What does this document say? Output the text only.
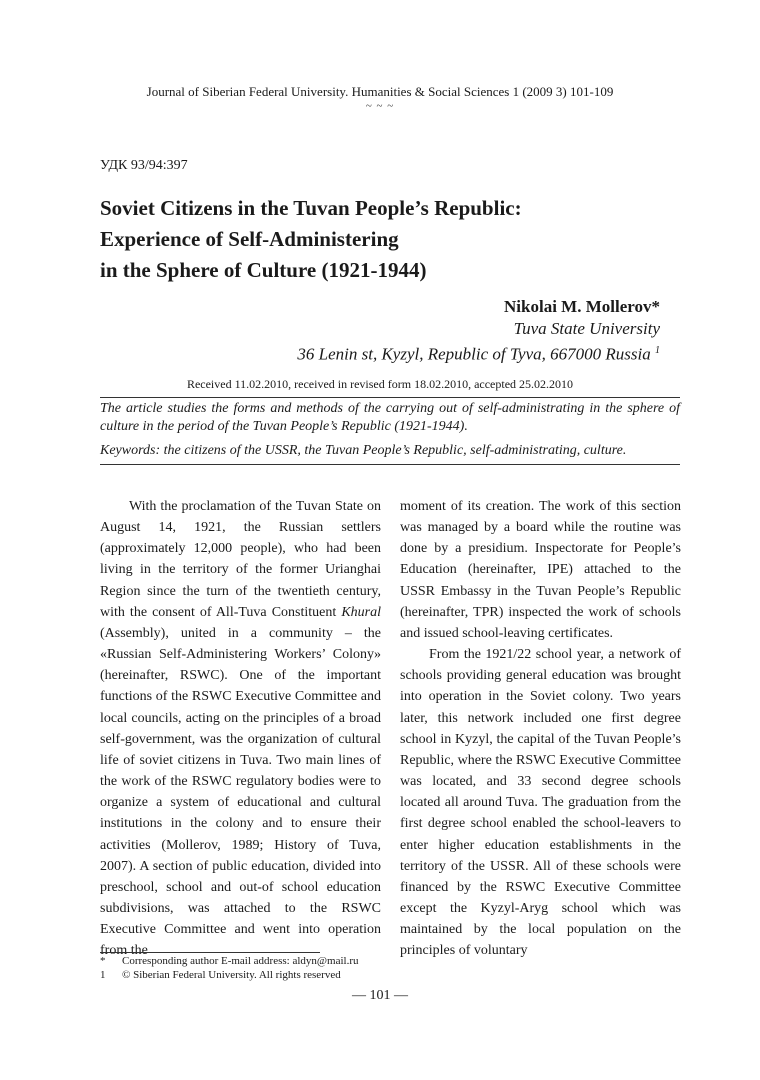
Journal of Siberian Federal University. Humanities & Social Sciences 1 (2009 3) 101-109
~ ~ ~
УДК 93/94:397
Soviet Citizens in the Tuvan People’s Republic:
Experience of Self-Administering
in the Sphere of Culture (1921-1944)
Nikolai M. Mollerov*
Tuva State University
36 Lenin st, Kyzyl, Republic of Tyva, 667000 Russia $^1$
Received 11.02.2010, received in revised form 18.02.2010, accepted 25.02.2010
The article studies the forms and methods of the carrying out of self-administrating in the sphere of culture in the period of the Tuvan People’s Republic (1921-1944).
Keywords: the citizens of the USSR, the Tuvan People’s Republic, self-administrating, culture.

With the proclamation of the Tuvan State on August 14, 1921, the Russian settlers (approximately 12,000 people), who had been living in the territory of the former Urianghai Region since the turn of the twentieth century, with the consent of All-Tuva Constituent Khural (Assembly), united in a community – the «Russian Self-Administering Workers’ Colony» (hereinafter, RSWC). One of the important functions of the RSWC Executive Committee and local councils, acting on the principles of a broad self-government, was the organization of cultural life of soviet citizens in Tuva. Two main lines of the work of the RSWC regulatory bodies were to organize a system of educational and cultural institutions in the colony and to ensure their activities (Mollerov, 1989; History of Tuva, 2007). A section of public education, divided into preschool, school and out-of school education subdivisions, was attached to the RSWC Executive Committee and went into operation from the

moment of its creation. The work of this section was managed by a board while the routine was done by a presidium. Inspectorate for People’s Education (hereinafter, IPE) attached to the USSR Embassy in the Tuvan People’s Republic (hereinafter, TPR) inspected the work of schools and issued school-leaving certificates.

From the 1921/22 school year, a network of schools providing general education was brought into operation in the Soviet colony. Two years later, this network included one first degree school in Kyzyl, the capital of the Tuvan People’s Republic, where the RSWC Executive Committee was located, and 33 second degree schools located all around Tuva. The graduation from the first degree school enabled the school-leavers to enter higher education establishments in the territory of the USSR. All of these schools were financed by the RSWC Executive Committee except the Kyzyl-Aryg school which was maintained by the local population on the principles of voluntary

* Corresponding author E-mail address: aldyn@mail.ru
1 © Siberian Federal University. All rights reserved
— 101 —
